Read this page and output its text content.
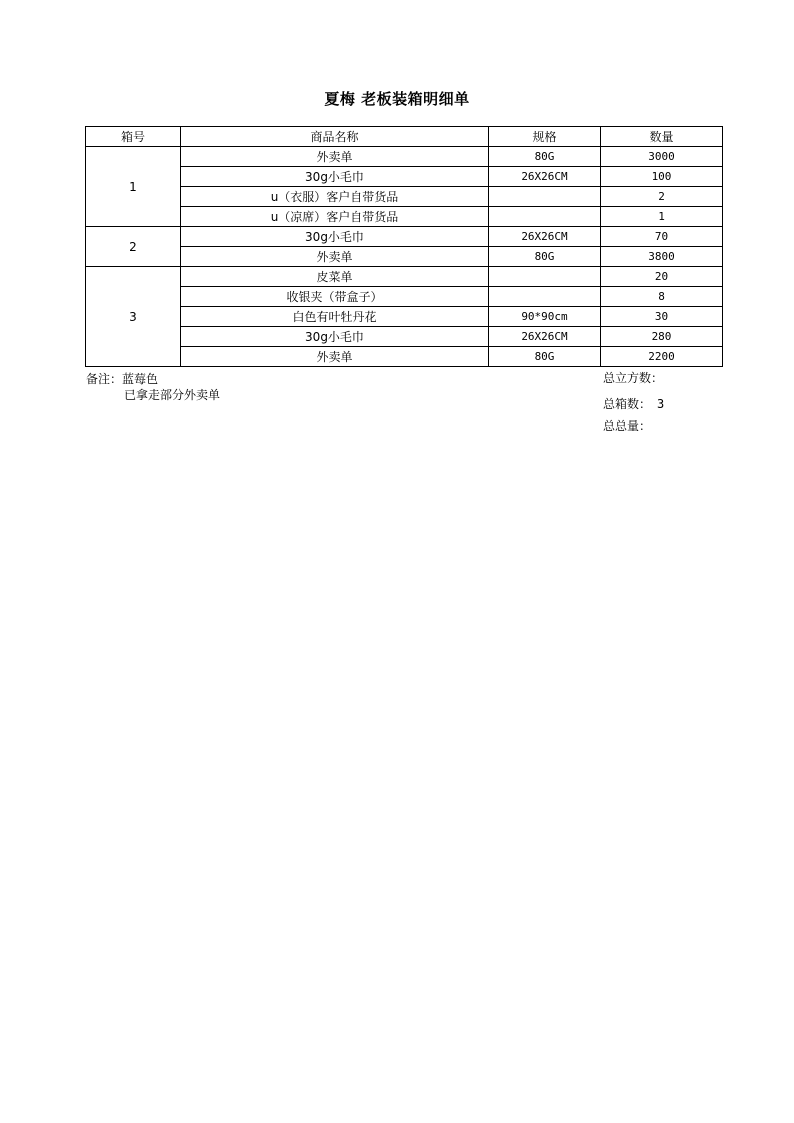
夏梅 老板装箱明细单
箱号	商品名称	规格	数量
1	外卖单	80G	3000
	30g小毛巾	26X26CM	100
	u（衣服）客户自带货品		2
	u（凉席）客户自带货品		1
2	30g小毛巾	26X26CM	70
	外卖单	80G	3800
3	皮菜单		20
	收银夹（带盒子）		8
	白色有叶牡丹花	90*90cm	30
	30g小毛巾	26X26CM	280
	外卖单	80G	2200
备注：蓝莓色
已拿走部分外卖单
总立方数：
总箱数： 3
总总量：
